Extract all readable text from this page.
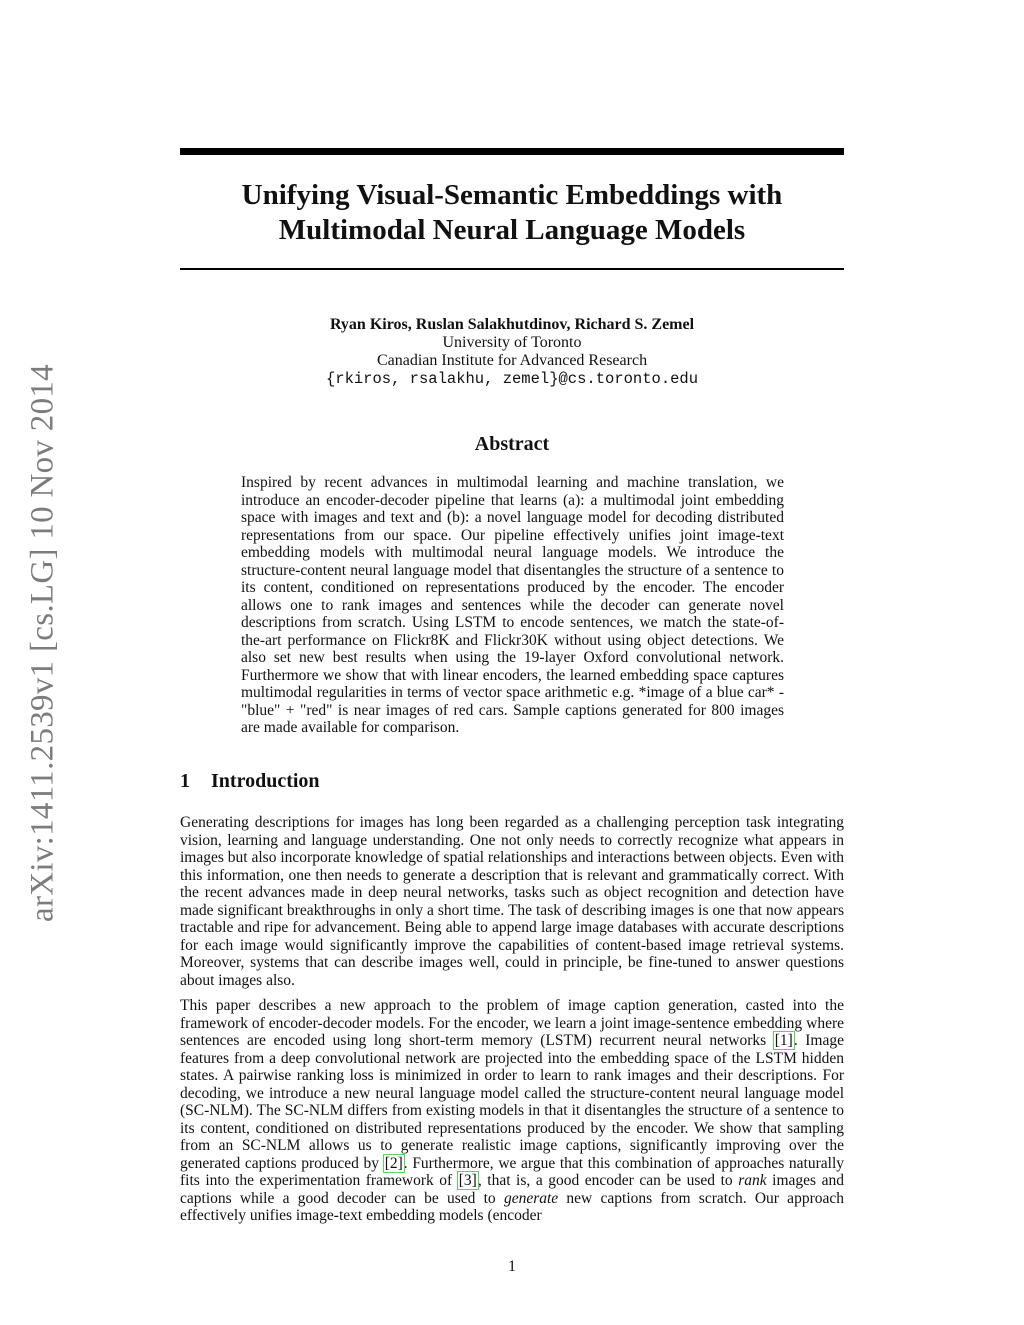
arXiv:1411.2539v1 [cs.LG] 10 Nov 2014
Unifying Visual-Semantic Embeddings with
Multimodal Neural Language Models
Ryan Kiros, Ruslan Salakhutdinov, Richard S. Zemel
University of Toronto
Canadian Institute for Advanced Research
{rkiros, rsalakhu, zemel}@cs.toronto.edu
Abstract

Inspired by recent advances in multimodal learning and machine translation, we introduce an encoder-decoder pipeline that learns (a): a multimodal joint embedding space with images and text and (b): a novel language model for decoding distributed representations from our space. Our pipeline effectively unifies joint image-text embedding models with multimodal neural language models. We introduce the structure-content neural language model that disentangles the structure of a sentence to its content, conditioned on representations produced by the encoder. The encoder allows one to rank images and sentences while the decoder can generate novel descriptions from scratch. Using LSTM to encode sentences, we match the state-of-the-art performance on Flickr8K and Flickr30K without using object detections. We also set new best results when using the 19-layer Oxford convolutional network. Furthermore we show that with linear encoders, the learned embedding space captures multimodal regularities in terms of vector space arithmetic e.g. *image of a blue car* - "blue" + "red" is near images of red cars. Sample captions generated for 800 images are made available for comparison.

1 Introduction

Generating descriptions for images has long been regarded as a challenging perception task integrating vision, learning and language understanding. One not only needs to correctly recognize what appears in images but also incorporate knowledge of spatial relationships and interactions between objects. Even with this information, one then needs to generate a description that is relevant and grammatically correct. With the recent advances made in deep neural networks, tasks such as object recognition and detection have made significant breakthroughs in only a short time. The task of describing images is one that now appears tractable and ripe for advancement. Being able to append large image databases with accurate descriptions for each image would significantly improve the capabilities of content-based image retrieval systems. Moreover, systems that can describe images well, could in principle, be fine-tuned to answer questions about images also.

This paper describes a new approach to the problem of image caption generation, casted into the framework of encoder-decoder models. For the encoder, we learn a joint image-sentence embedding where sentences are encoded using long short-term memory (LSTM) recurrent neural networks [1]. Image features from a deep convolutional network are projected into the embedding space of the LSTM hidden states. A pairwise ranking loss is minimized in order to learn to rank images and their descriptions. For decoding, we introduce a new neural language model called the structure-content neural language model (SC-NLM). The SC-NLM differs from existing models in that it disentangles the structure of a sentence to its content, conditioned on distributed representations produced by the encoder. We show that sampling from an SC-NLM allows us to generate realistic image captions, significantly improving over the generated captions produced by [2]. Furthermore, we argue that this combination of approaches naturally fits into the experimentation framework of [3], that is, a good encoder can be used to rank images and captions while a good decoder can be used to generate new captions from scratch. Our approach effectively unifies image-text embedding models (encoder

1
